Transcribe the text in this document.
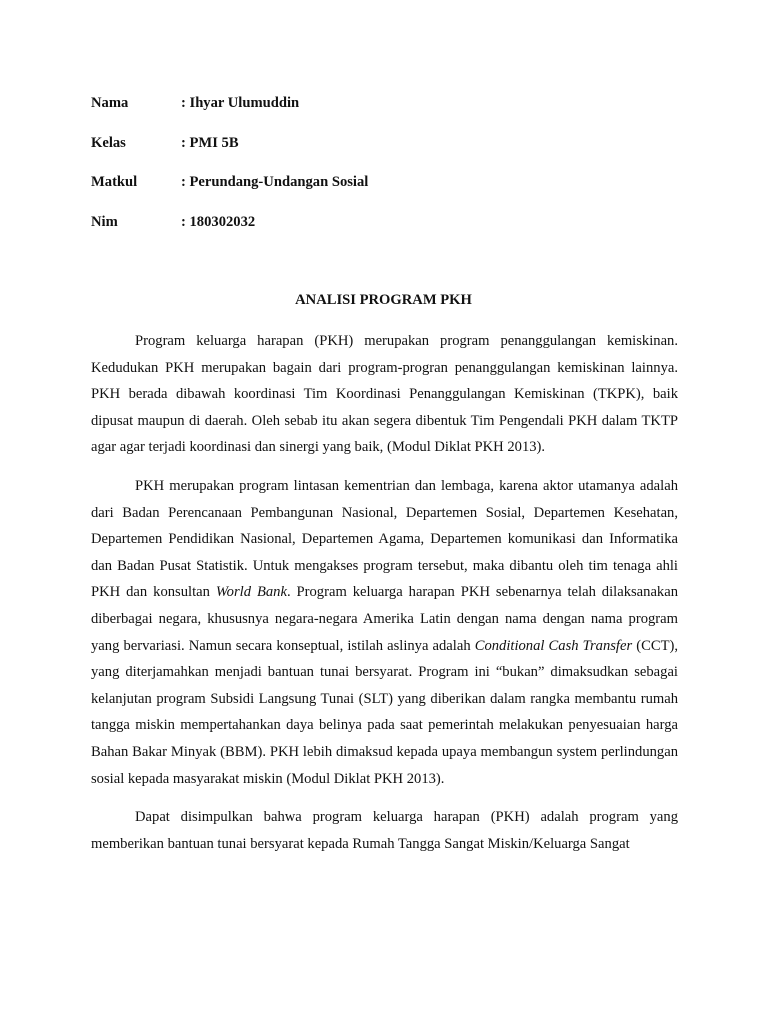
Nama	: Ihyar Ulumuddin
Kelas	: PMI 5B
Matkul	: Perundang-Undangan Sosial
Nim	: 180302032
ANALISI PROGRAM PKH

Program keluarga harapan (PKH) merupakan program penanggulangan kemiskinan. Kedudukan PKH merupakan bagain dari program-progran penanggulangan kemiskinan lainnya. PKH berada dibawah koordinasi Tim Koordinasi Penanggulangan Kemiskinan (TKPK), baik dipusat maupun di daerah. Oleh sebab itu akan segera dibentuk Tim Pengendali PKH dalam TKTP agar agar terjadi koordinasi dan sinergi yang baik, (Modul Diklat PKH 2013).

PKH merupakan program lintasan kementrian dan lembaga, karena aktor utamanya adalah dari Badan Perencanaan Pembangunan Nasional, Departemen Sosial, Departemen Kesehatan, Departemen Pendidikan Nasional, Departemen Agama, Departemen komunikasi dan Informatika dan Badan Pusat Statistik. Untuk mengakses program tersebut, maka dibantu oleh tim tenaga ahli PKH dan konsultan World Bank. Program keluarga harapan PKH sebenarnya telah dilaksanakan diberbagai negara, khususnya negara-negara Amerika Latin dengan nama dengan nama program yang bervariasi. Namun secara konseptual, istilah aslinya adalah Conditional Cash Transfer (CCT), yang diterjamahkan menjadi bantuan tunai bersyarat. Program ini “bukan” dimaksudkan sebagai kelanjutan program Subsidi Langsung Tunai (SLT) yang diberikan dalam rangka membantu rumah tangga miskin mempertahankan daya belinya pada saat pemerintah melakukan penyesuaian harga Bahan Bakar Minyak (BBM). PKH lebih dimaksud kepada upaya membangun system perlindungan sosial kepada masyarakat miskin (Modul Diklat PKH 2013).

Dapat disimpulkan bahwa program keluarga harapan (PKH) adalah program yang memberikan bantuan tunai bersyarat kepada Rumah Tangga Sangat Miskin/Keluarga Sangat
